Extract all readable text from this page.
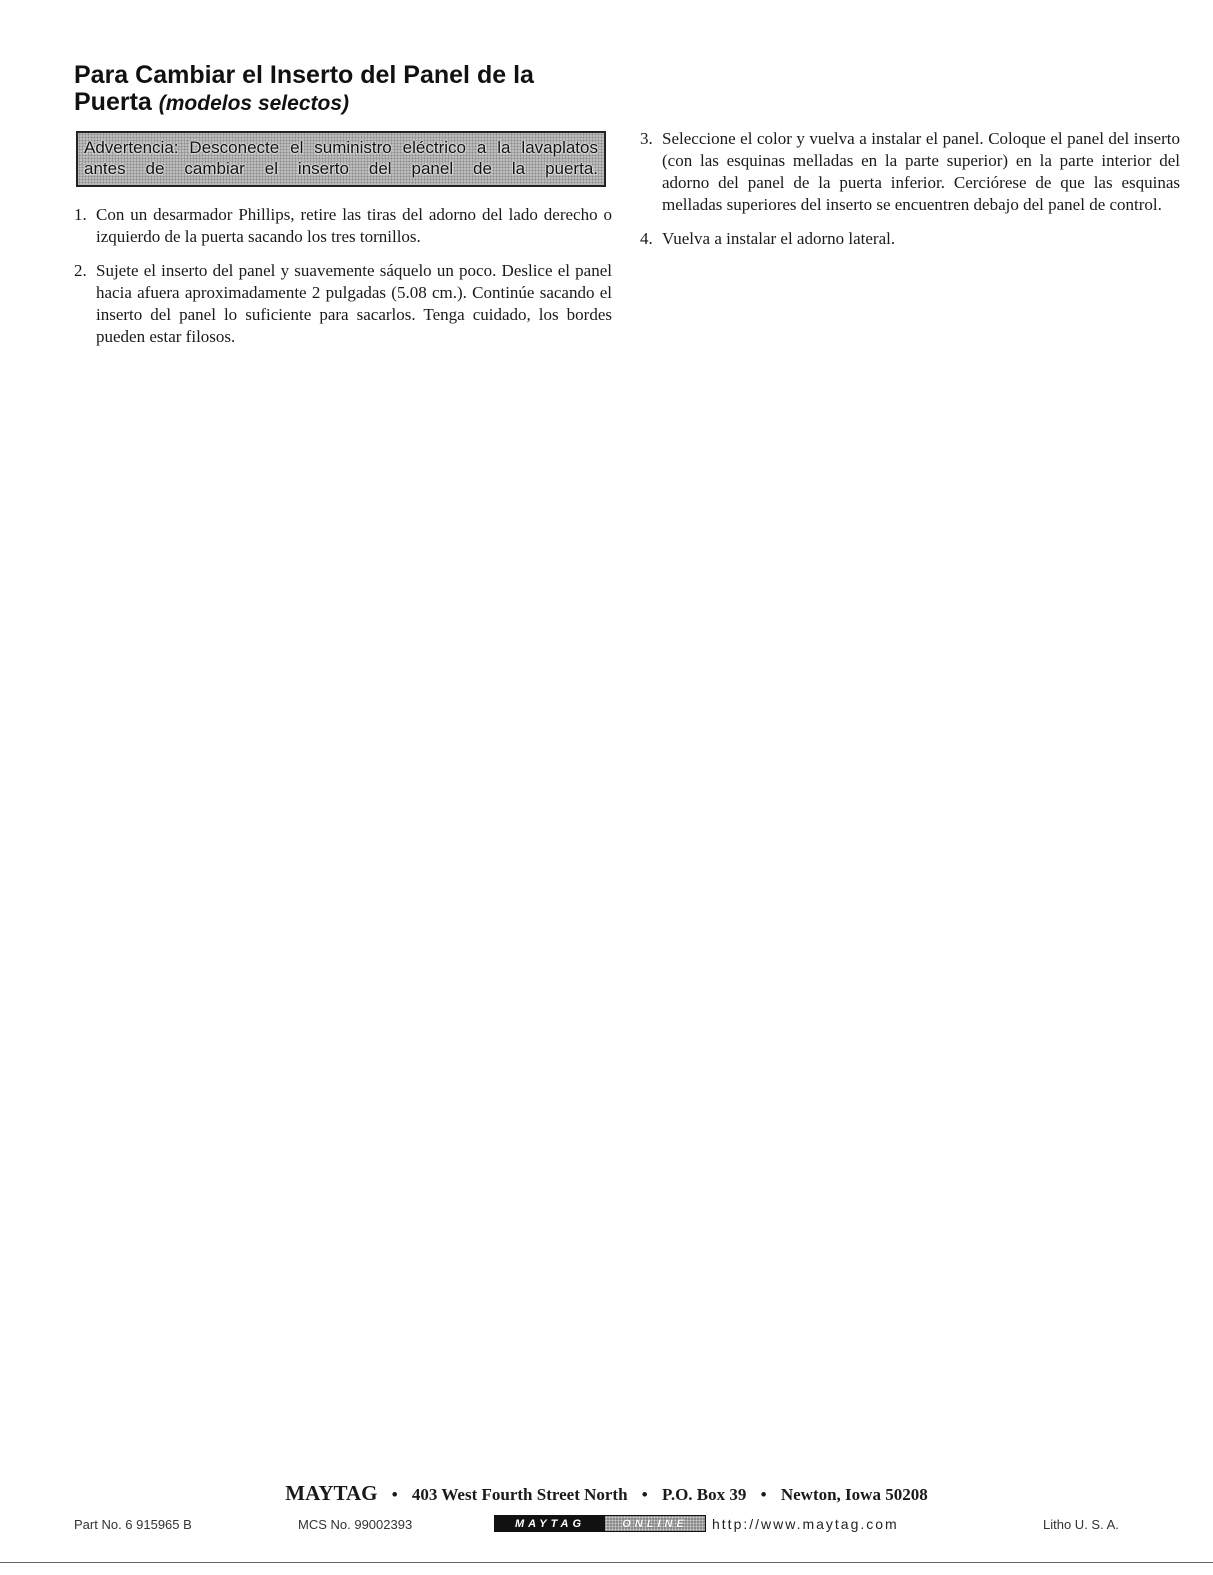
Para Cambiar el Inserto del Panel de la Puerta (modelos selectos)
Advertencia: Desconecte el suministro eléctrico a la lavaplatos antes de cambiar el inserto del panel de la puerta.
1. Con un desarmador Phillips, retire las tiras del adorno del lado derecho o izquierdo de la puerta sacando los tres tornillos.
2. Sujete el inserto del panel y suavemente sáquelo un poco. Deslice el panel hacia afuera aproximadamente 2 pulgadas (5.08 cm.). Continúe sacando el inserto del panel lo suficiente para sacarlos. Tenga cuidado, los bordes pueden estar filosos.
3. Seleccione el color y vuelva a instalar el panel. Coloque el panel del inserto (con las esquinas melladas en la parte superior) en la parte interior del adorno del panel de la puerta inferior. Cerciórese de que las esquinas melladas superiores del inserto se encuentren debajo del panel de control.
4. Vuelva a instalar el adorno lateral.
MAYTAG • 403 West Fourth Street North • P.O. Box 39 • Newton, Iowa 50208
Part No. 6 915965 B	MCS No. 99002393	MAYTAG	ONLINE	http://www.maytag.com	Litho U. S. A.
